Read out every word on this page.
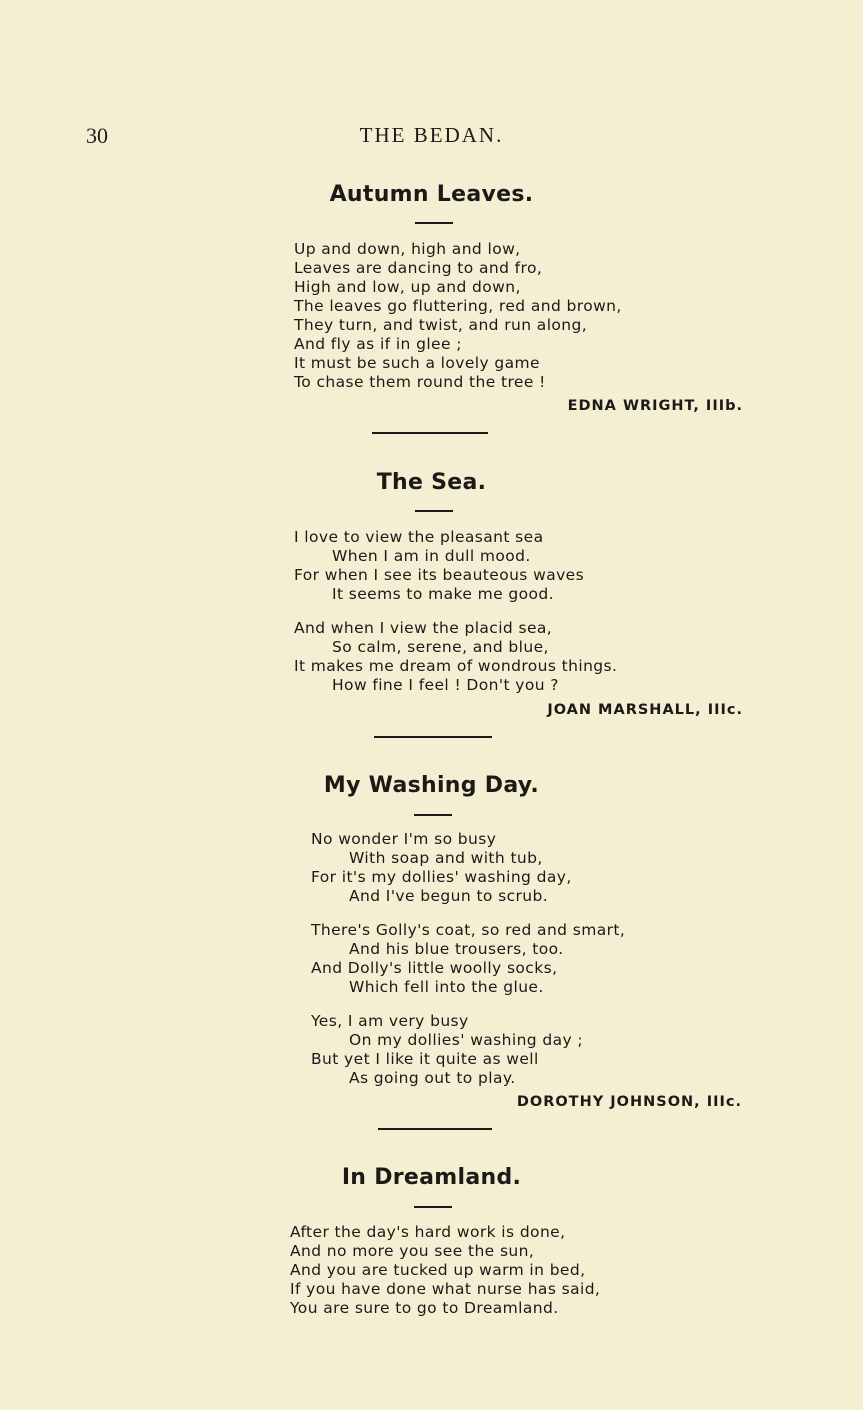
30	THE BEDAN.
Autumn Leaves.
Up and down, high and low,
Leaves are dancing to and fro,
High and low, up and down,
The leaves go fluttering, red and brown,
They turn, and twist, and run along,
And fly as if in glee ;
It must be such a lovely game
To chase them round the tree !
EDNA WRIGHT, IIIb.
The Sea.
I love to view the pleasant sea
When I am in dull mood.
For when I see its beauteous waves
It seems to make me good.
And when I view the placid sea,
So calm, serene, and blue,
It makes me dream of wondrous things.
How fine I feel ! Don't you ?
JOAN MARSHALL, IIIc.
My Washing Day.
No wonder I'm so busy
With soap and with tub,
For it's my dollies' washing day,
And I've begun to scrub.
There's Golly's coat, so red and smart,
And his blue trousers, too.
And Dolly's little woolly socks,
Which fell into the glue.
Yes, I am very busy
On my dollies' washing day ;
But yet I like it quite as well
As going out to play.
DOROTHY JOHNSON, IIIc.
In Dreamland.
After the day's hard work is done,
And no more you see the sun,
And you are tucked up warm in bed,
If you have done what nurse has said,
You are sure to go to Dreamland.
